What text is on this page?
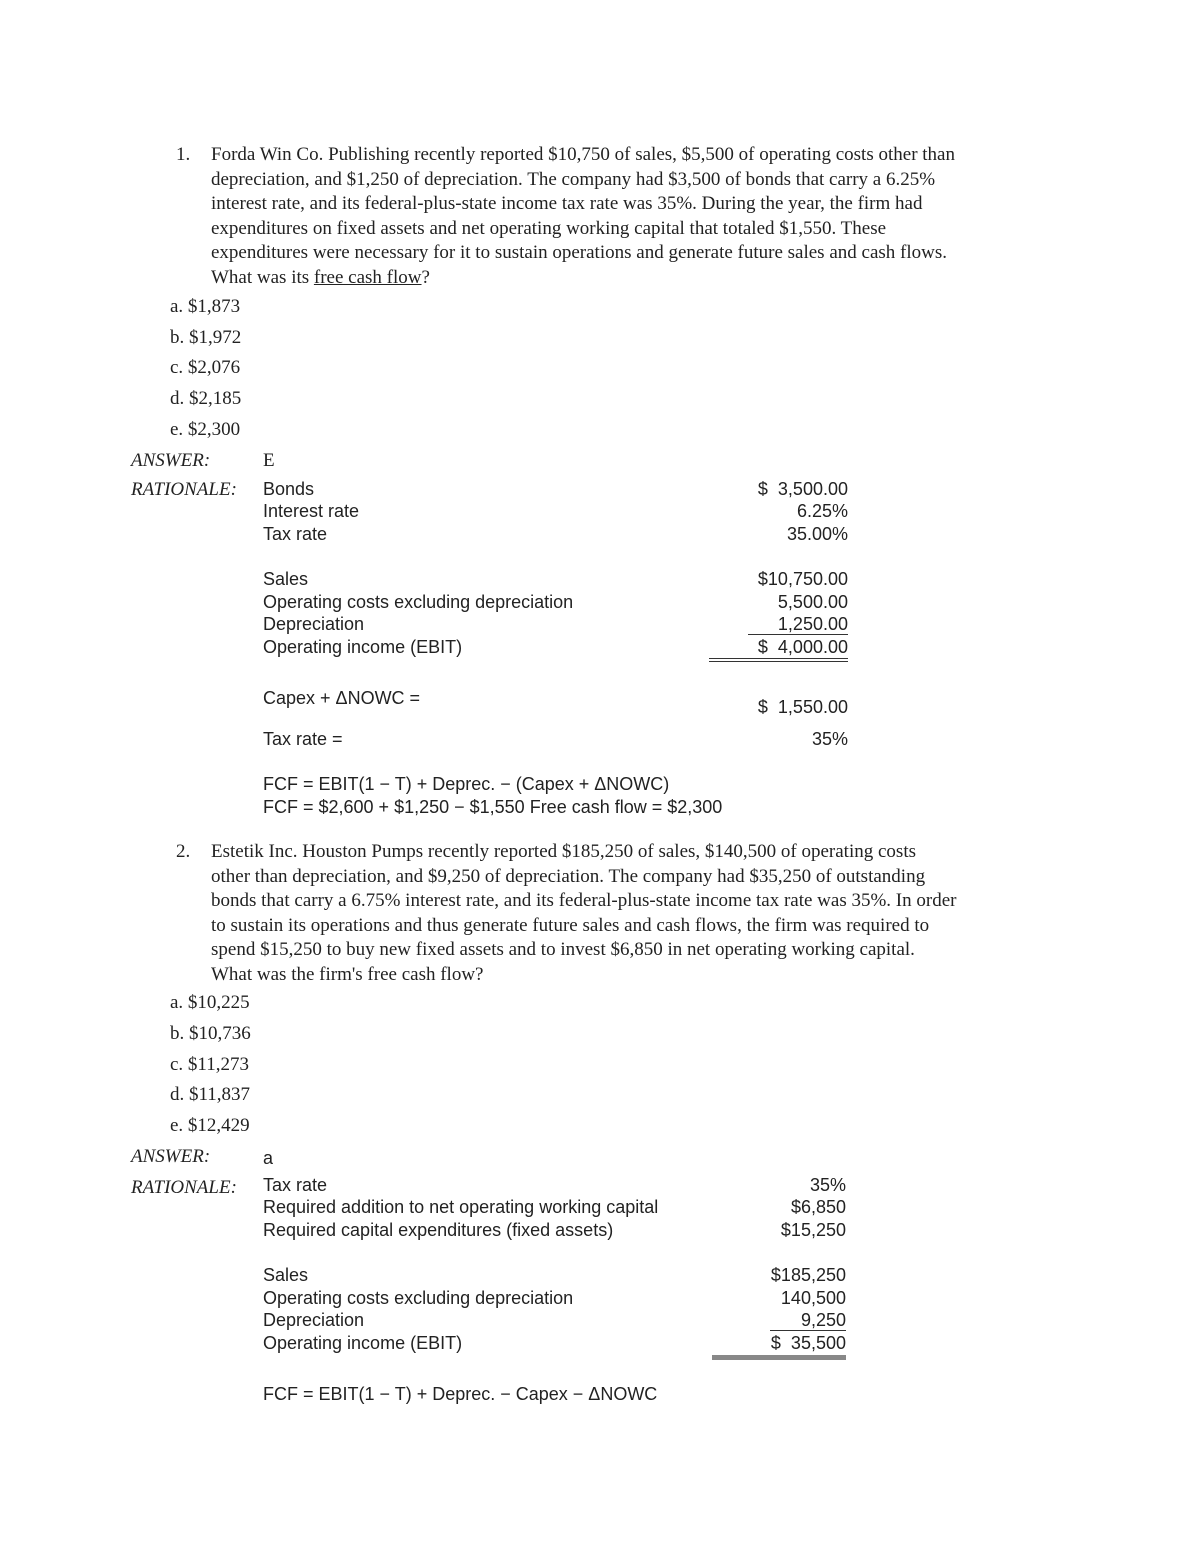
1. Forda Win Co. Publishing recently reported $10,750 of sales, $5,500 of operating costs other than
depreciation, and $1,250 of depreciation. The company had $3,500 of bonds that carry a 6.25%
interest rate, and its federal-plus-state income tax rate was 35%. During the year, the firm had
expenditures on fixed assets and net operating working capital that totaled $1,550. These
expenditures were necessary for it to sustain operations and generate future sales and cash flows.
What was its free cash flow?
a. $1,873
b. $1,972
c. $2,076
d. $2,185
e. $2,300
ANSWER:	E
RATIONALE: Bonds	$  3,500.00
Interest rate	6.25%
Tax rate	35.00%
Sales	$10,750.00
Operating costs excluding depreciation	5,500.00
Depreciation	1,250.00
Operating income (EBIT)	$  4,000.00
Capex + ΔNOWC =	$  1,550.00
Tax rate =	35%
FCF = EBIT(1 − T) + Deprec. − (Capex + ΔNOWC)
FCF = $2,600 + $1,250 − $1,550 Free cash flow = $2,300
2. Estetik Inc. Houston Pumps recently reported $185,250 of sales, $140,500 of operating costs
other than depreciation, and $9,250 of depreciation. The company had $35,250 of outstanding
bonds that carry a 6.75% interest rate, and its federal-plus-state income tax rate was 35%. In order
to sustain its operations and thus generate future sales and cash flows, the firm was required to
spend $15,250 to buy new fixed assets and to invest $6,850 in net operating working capital.
What was the firm's free cash flow?
a. $10,225
b. $10,736
c. $11,273
d. $11,837
e. $12,429
ANSWER:	a
RATIONALE: Tax rate	35%
Required addition to net operating working capital	$6,850
Required capital expenditures (fixed assets)	$15,250
Sales	$185,250
Operating costs excluding depreciation	140,500
Depreciation	9,250
Operating income (EBIT)	$  35,500
FCF = EBIT(1 − T) + Deprec. − Capex − ΔNOWC
